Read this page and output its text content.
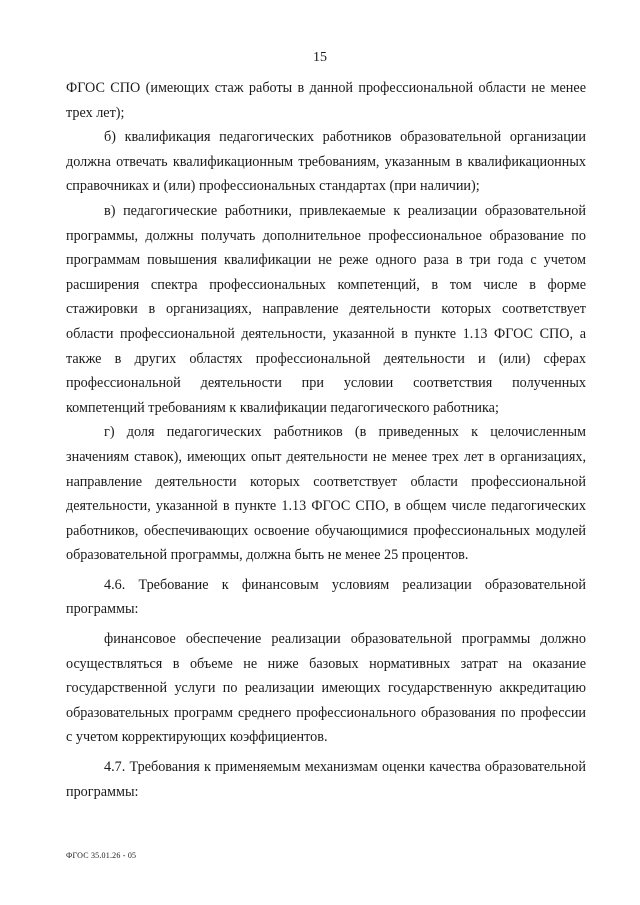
15

ФГОС СПО (имеющих стаж работы в данной профессиональной области не менее трех лет);

б) квалификация педагогических работников образовательной организации должна отвечать квалификационным требованиям, указанным в квалификационных справочниках и (или) профессиональных стандартах (при наличии);

в) педагогические работники, привлекаемые к реализации образовательной программы, должны получать дополнительное профессиональное образование по программам повышения квалификации не реже одного раза в три года с учетом расширения спектра профессиональных компетенций, в том числе в форме стажировки в организациях, направление деятельности которых соответствует области профессиональной деятельности, указанной в пункте 1.13 ФГОС СПО, а также в других областях профессиональной деятельности и (или) сферах профессиональной деятельности при условии соответствия полученных компетенций требованиям к квалификации педагогического работника;

г) доля педагогических работников (в приведенных к целочисленным значениям ставок), имеющих опыт деятельности не менее трех лет в организациях, направление деятельности которых соответствует области профессиональной деятельности, указанной в пункте 1.13 ФГОС СПО, в общем числе педагогических работников, обеспечивающих освоение обучающимися профессиональных модулей образовательной программы, должна быть не менее 25 процентов.

4.6. Требование к финансовым условиям реализации образовательной программы:

финансовое обеспечение реализации образовательной программы должно осуществляться в объеме не ниже базовых нормативных затрат на оказание государственной услуги по реализации имеющих государственную аккредитацию образовательных программ среднего профессионального образования по профессии с учетом корректирующих коэффициентов.

4.7. Требования к применяемым механизмам оценки качества образовательной программы:

ФГОС 35.01.26 - 05
